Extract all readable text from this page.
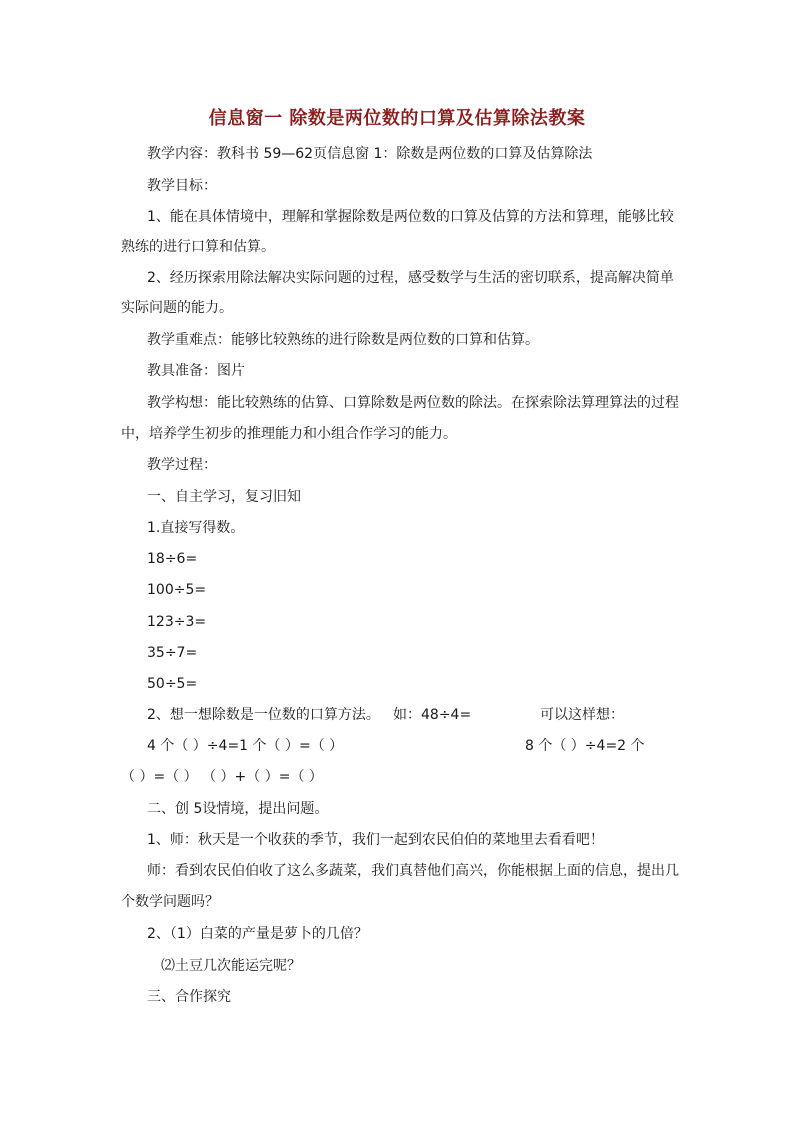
信息窗一 除数是两位数的口算及估算除法教案
教学内容：教科书 59—62页信息窗 1：除数是两位数的口算及估算除法
教学目标：
1、能在具体情境中，理解和掌握除数是两位数的口算及估算的方法和算理，能够比较
熟练的进行口算和估算。
2、经历探索用除法解决实际问题的过程，感受数学与生活的密切联系，提高解决简单
实际问题的能力。
教学重难点：能够比较熟练的进行除数是两位数的口算和估算。
教具准备：图片
教学构想：能比较熟练的估算、口算除数是两位数的除法。在探索除法算理算法的过程
中，培养学生初步的推理能力和小组合作学习的能力。
教学过程：
一、自主学习，复习旧知
1.直接写得数。
18÷6=
100÷5=
123÷3=
35÷7=
50÷5=
2、想一想除数是一位数的口算方法。 如：48÷4=	可以这样想：
4 个（ ）÷4=1 个（ ）=（ ）	8 个（ ）÷4=2 个
（ ）=（ ） （ ）+（ ）=（ ）
二、创 5设情境，提出问题。
1、师：秋天是一个收获的季节，我们一起到农民伯伯的菜地里去看看吧！
师：看到农民伯伯收了这么多蔬菜，我们真替他们高兴，你能根据上面的信息，提出几
个数学问题吗？
2、（1）白菜的产量是萝卜的几倍？
⑵土豆几次能运完呢？
三、合作探究
